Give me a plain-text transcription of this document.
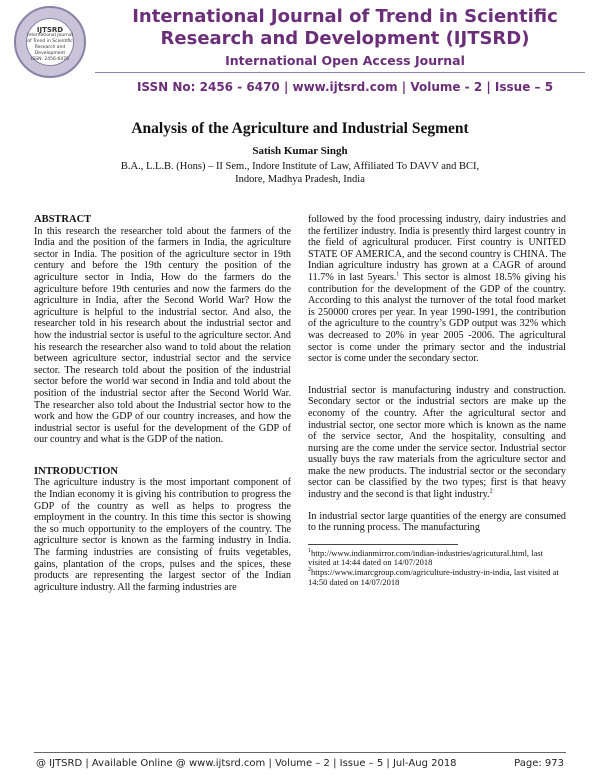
IJTSRD
International Journal
of Trend in Scientific
Research and
Development
ISSN: 2456-6470
International Journal of Trend in Scientific
Research and Development (IJTSRD)
International Open Access Journal
ISSN No: 2456 - 6470 | www.ijtsrd.com | Volume - 2 | Issue – 5
Analysis of the Agriculture and Industrial Segment
Satish Kumar Singh
B.A., L.L.B. (Hons) – II Sem., Indore Institute of Law, Affiliated To DAVV and BCI,
Indore, Madhya Pradesh, India

ABSTRACT

In this research the researcher told about the farmers of the India and the position of the farmers in India, the agriculture sector in India. The position of the agriculture sector in 19th century and before the 19th century the position of the agriculture sector in India, How do the farmers do the agriculture before 19th centuries and now the farmers do the agriculture in India, after the Second World War? How the agriculture is helpful to the industrial sector. And also, the researcher told in his research about the industrial sector and how the industrial sector is useful to the agriculture sector. And his research the researcher also wand to told about the relation between agriculture sector, industrial sector and the service sector. The research told about the position of the industrial sector before the world war second in India and told about the position of the industrial sector after the Second World War. The researcher also told about the Industrial sector how to the work and how the GDP of our country increases, and how the industrial sector is useful for the development of the GDP of our country and what is the GDP of the nation.

INTRODUCTION

The agriculture industry is the most important component of the Indian economy it is giving his contribution to progress the GDP of the country as well as helps to progress the employment in the country. In this time this sector is showing the so much opportunity to the employers of the country. The agriculture sector is known as the farming industry in India. The farming industries are consisting of fruits vegetables, gains, plantation of the crops, pulses and the spices, these products are representing the largest sector of the Indian agriculture industry. All the farming industries are

followed by the food processing industry, dairy industries and the fertilizer industry. India is presently third largest country in the field of agricultural producer. First country is UNITED STATE OF AMERICA, and the second country is CHINA. The Indian agriculture industry has grown at a CAGR of around 11.7% in last 5years.$^1$ This sector is almost 18.5% giving his contribution for the development of the GDP of the country. According to this analyst the turnover of the total food market is 250000 crores per year. In year 1990-1991, the contribution of the agriculture to the country’s GDP output was 32% which was decreased to 20% in year 2005 -2006. The agricultural sector is come under the primary sector and the industrial sector is come under the secondary sector.

Industrial sector is manufacturing industry and construction. Secondary sector or the industrial sectors are make up the economy of the country. After the agricultural sector and industrial sector, one sector more which is known as the name of the service sector, And the hospitality, consulting and nursing are the come under the service sector. Industrial sector usually buys the raw materials from the agriculture sector and make the new products. The industrial sector or the secondary sector can be classified by the two types; first is that heavy industry and the second is that light industry.$^2$

In industrial sector large quantities of the energy are consumed to the running process. The manufacturing

$^1$http://www.indianmirror.com/indian-industries/agricutural.html, last visited at 14:44 dated on 14/07/2018

$^2$https://www.imarcgroup.com/agriculture-industry-in-india, last visited at 14:50 dated on 14/07/2018

@ IJTSRD | Available Online @ www.ijtsrd.com | Volume – 2 | Issue – 5 | Jul-Aug 2018	Page: 973
